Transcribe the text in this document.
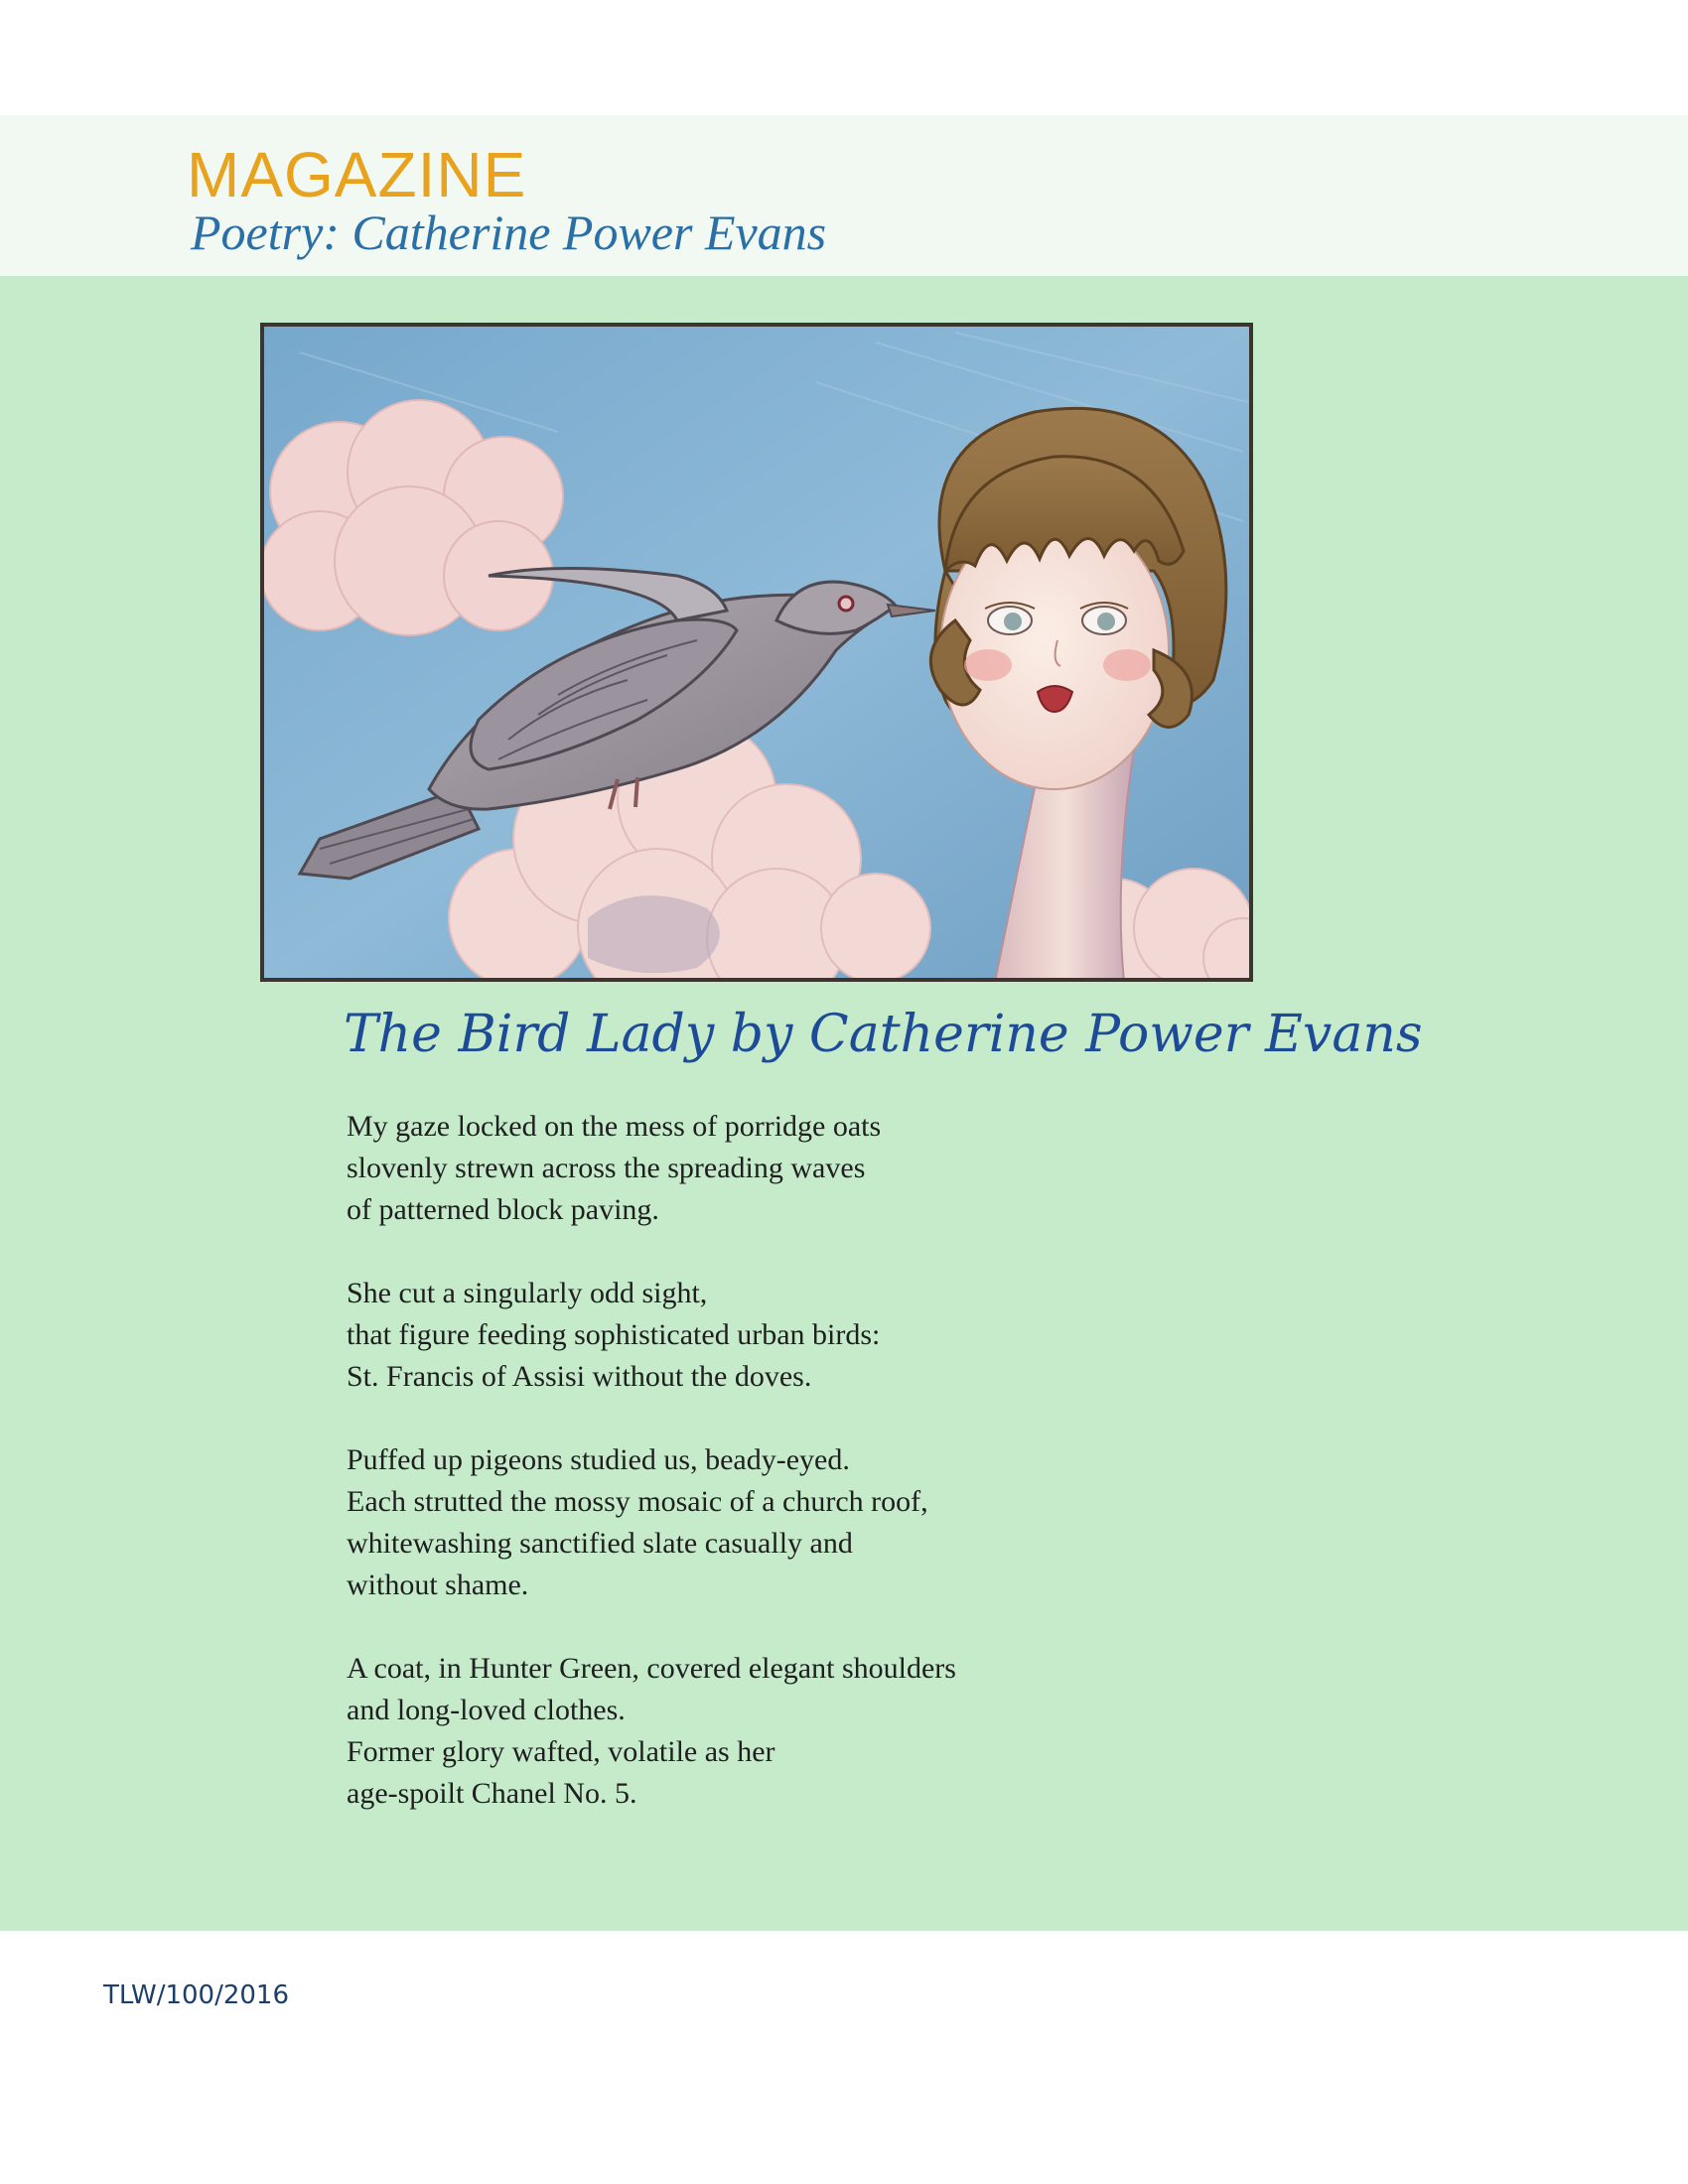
MAGAZINE
Poetry: Catherine Power Evans
The Bird Lady by Catherine Power Evans
My gaze locked on the mess of porridge oats
slovenly strewn across the spreading waves
of patterned block paving.
She cut a singularly odd sight,
that figure feeding sophisticated urban birds:
St. Francis of Assisi without the doves.
Puffed up pigeons studied us, beady-eyed.
Each strutted the mossy mosaic of a church roof,
whitewashing sanctified slate casually and
without shame.
A coat, in Hunter Green, covered elegant shoulders
and long-loved clothes.
Former glory wafted, volatile as her
age-spoilt Chanel No. 5.
TLW/100/2016
